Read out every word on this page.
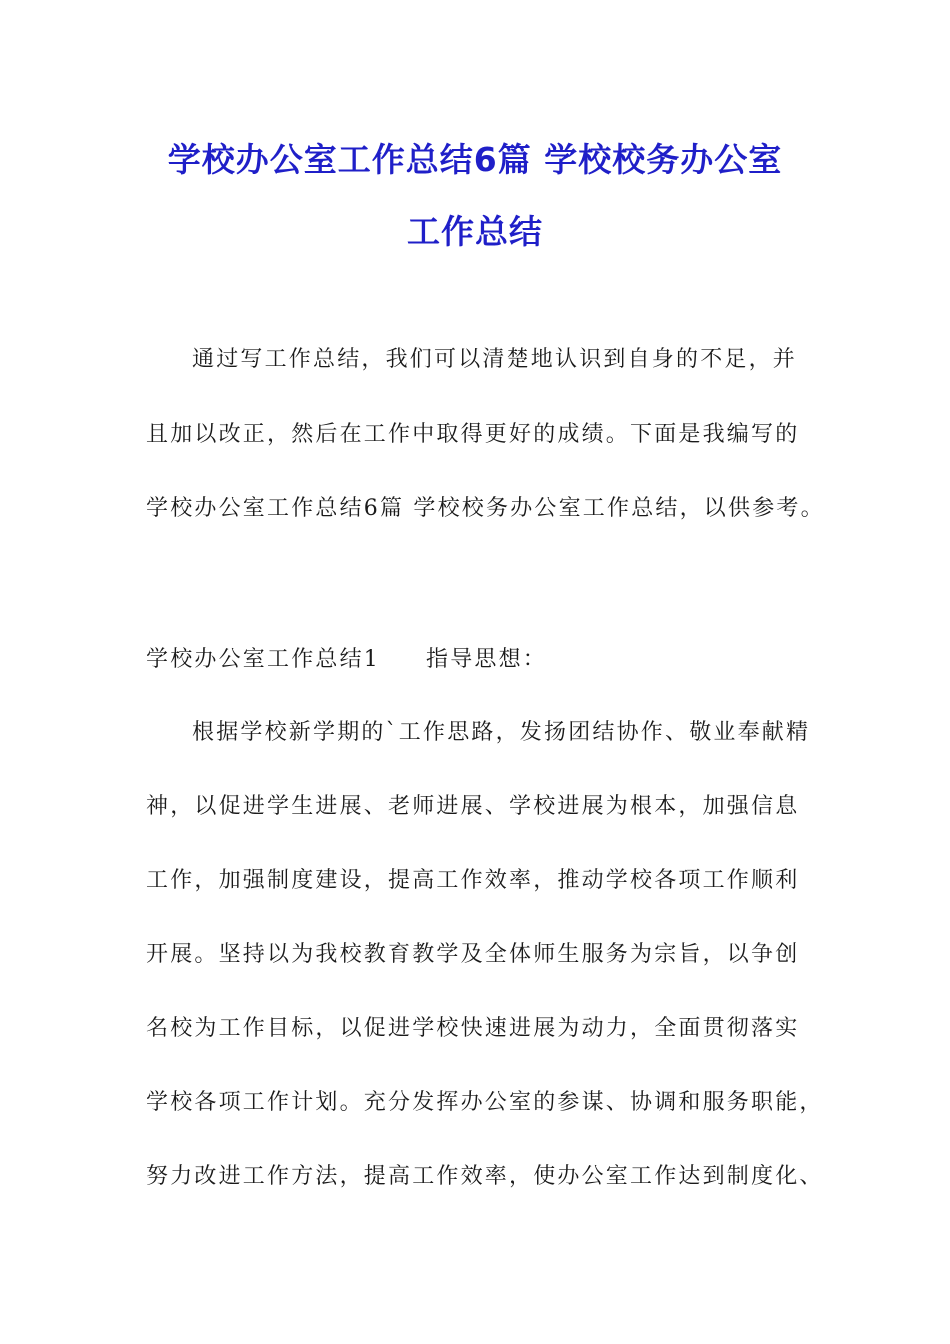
学校办公室工作总结6篇 学校校务办公室
工作总结

通过写工作总结，我们可以清楚地认识到自身的不足，并

且加以改正，然后在工作中取得更好的成绩。下面是我编写的

学校办公室工作总结6篇 学校校务办公室工作总结，以供参考。

学校办公室工作总结1 指导思想：

根据学校新学期的`工作思路，发扬团结协作、敬业奉献精

神，以促进学生进展、老师进展、学校进展为根本，加强信息

工作，加强制度建设，提高工作效率，推动学校各项工作顺利

开展。坚持以为我校教育教学及全体师生服务为宗旨，以争创

名校为工作目标，以促进学校快速进展为动力，全面贯彻落实

学校各项工作计划。充分发挥办公室的参谋、协调和服务职能，

努力改进工作方法，提高工作效率，使办公室工作达到制度化、
